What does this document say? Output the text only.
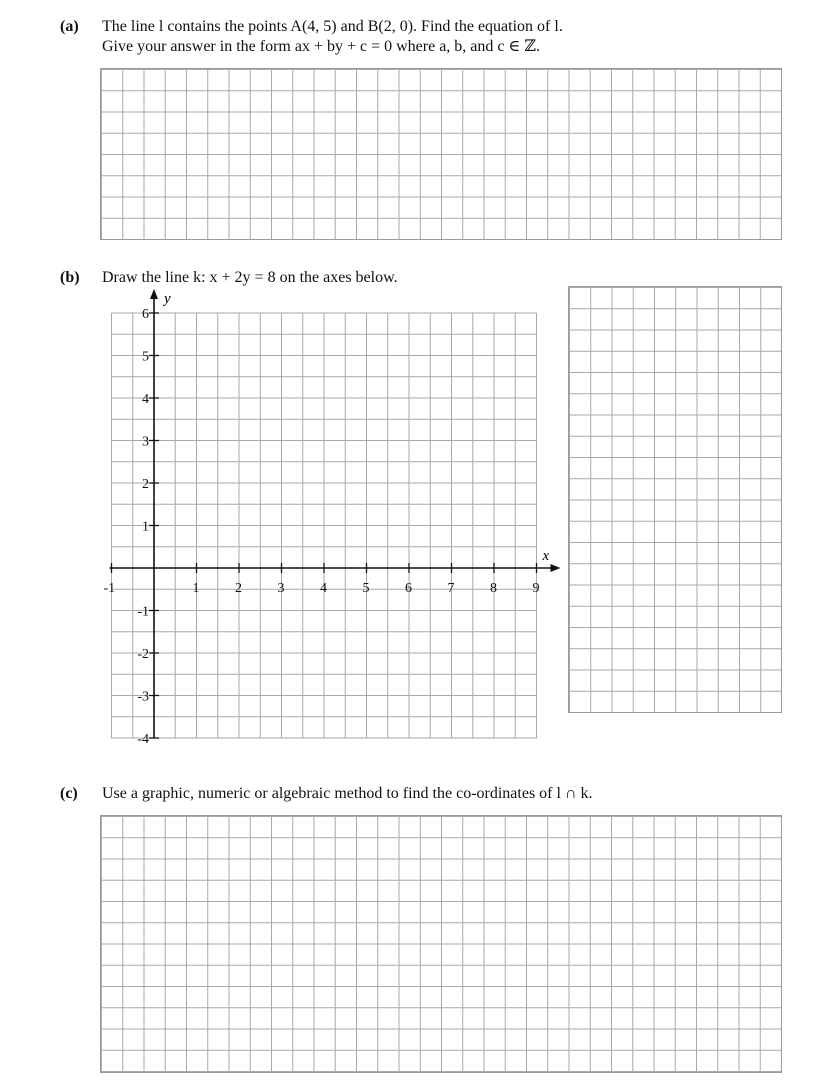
(a) The line l contains the points A(4, 5) and B(2, 0). Find the equation of l.
Give your answer in the form ax + by + c = 0 where a, b, and c ∈ ℤ.
(b) Draw the line k: x + 2y = 8 on the axes below.
-1	1	2	3	4	5	6	7	8	9
6
5
4
3
2
1
-1
-2
-3
-4
x
y
(c) Use a graphic, numeric or algebraic method to find the co-ordinates of l ∩ k.
